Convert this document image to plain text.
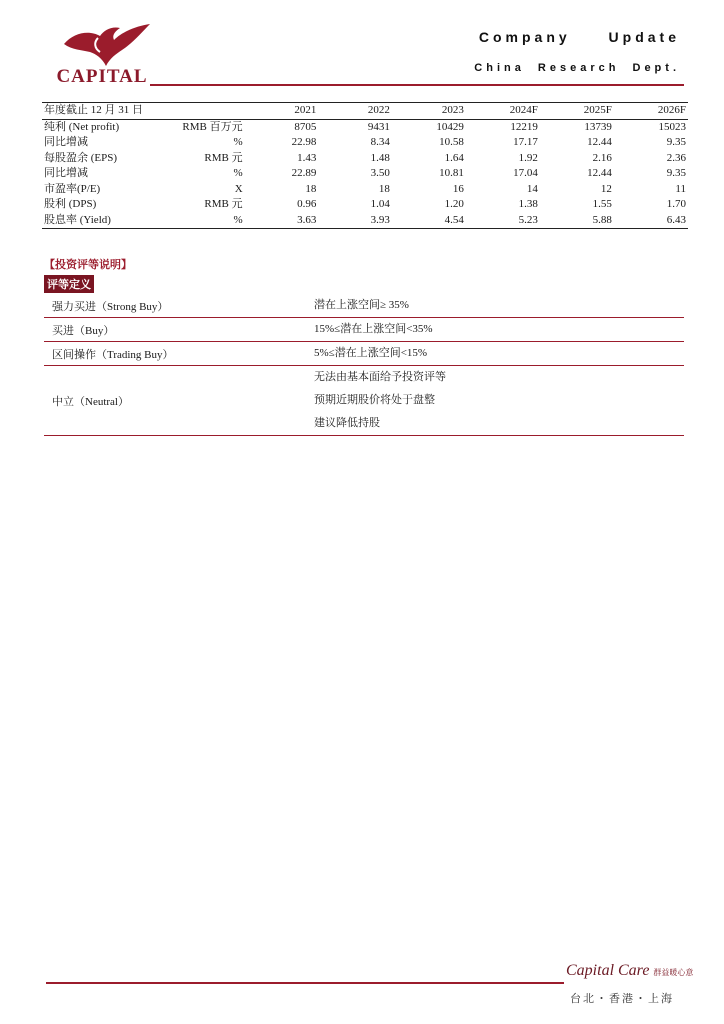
CAPITAL
Company Update
China Research Dept.
年度截止 12 月 31 日		2021	2022	2023	2024F	2025F	2026F
纯利 (Net profit)	RMB 百万元	8705	9431	10429	12219	13739	15023
同比增减	%	22.98	8.34	10.58	17.17	12.44	9.35
每股盈余 (EPS)	RMB 元	1.43	1.48	1.64	1.92	2.16	2.36
同比增减	%	22.89	3.50	10.81	17.04	12.44	9.35
市盈率(P/E)	X	18	18	16	14	12	11
股利 (DPS)	RMB 元	0.96	1.04	1.20	1.38	1.55	1.70
股息率 (Yield)	%	3.63	3.93	4.54	5.23	5.88	6.43
【投资评等说明】
评等定义
强力买进（Strong Buy）	潜在上涨空间≥ 35%

买进（Buy）	15%≤潜在上涨空间<35%

区间操作（Trading Buy）	5%≤潜在上涨空间<15%

中立（Neutral）	无法由基本面给予投资评等
预期近期股价将处于盘整
建议降低持股
Capital Care 群益暖心意
台北・香港・上海
